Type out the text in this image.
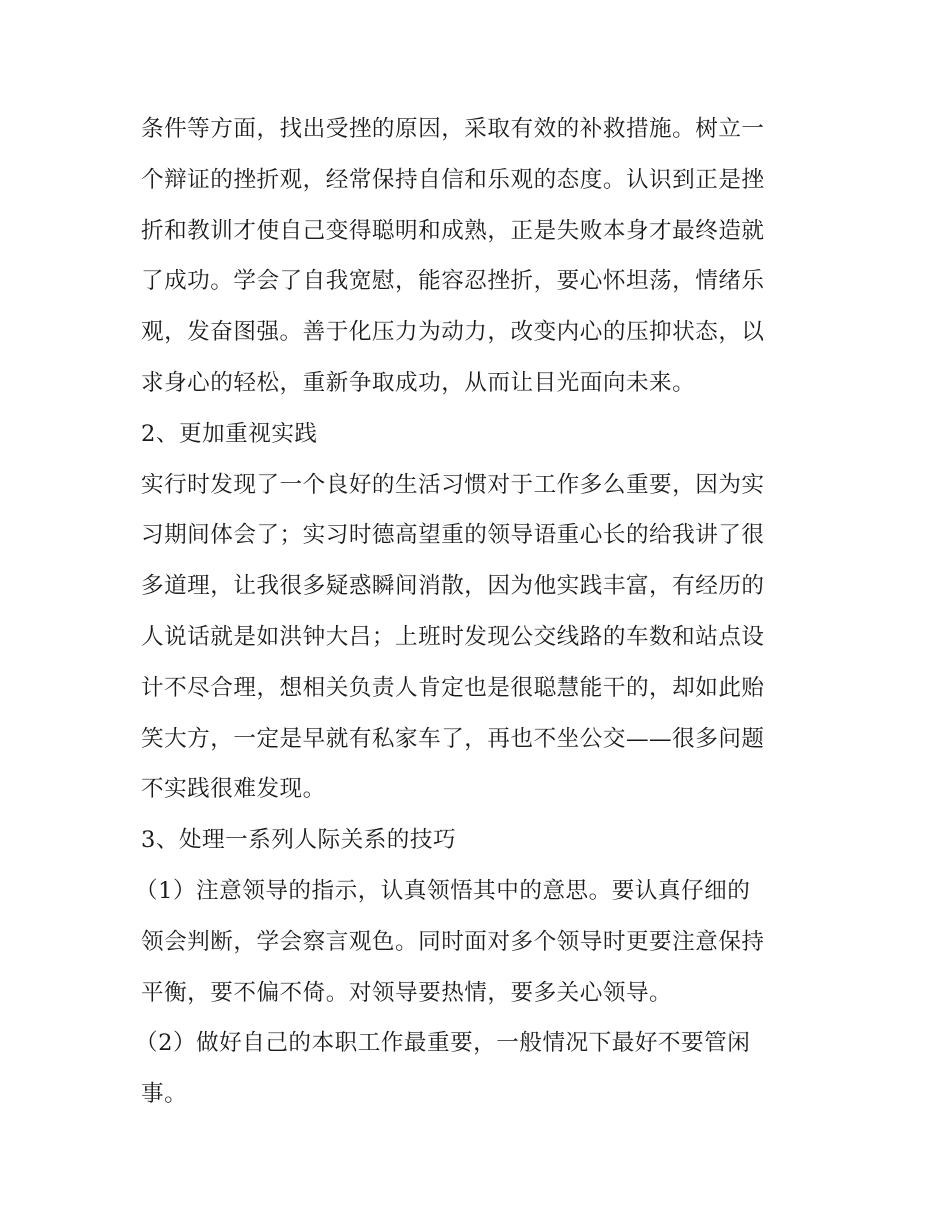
条件等方面，找出受挫的原因，采取有效的补救措施。树立一
个辩证的挫折观，经常保持自信和乐观的态度。认识到正是挫
折和教训才使自己变得聪明和成熟，正是失败本身才最终造就
了成功。学会了自我宽慰，能容忍挫折，要心怀坦荡，情绪乐
观，发奋图强。善于化压力为动力，改变内心的压抑状态，以
求身心的轻松，重新争取成功，从而让目光面向未来。
2、更加重视实践
实行时发现了一个良好的生活习惯对于工作多么重要，因为实
习期间体会了；实习时德高望重的领导语重心长的给我讲了很
多道理，让我很多疑惑瞬间消散，因为他实践丰富，有经历的
人说话就是如洪钟大吕；上班时发现公交线路的车数和站点设
计不尽合理，想相关负责人肯定也是很聪慧能干的，却如此贻
笑大方，一定是早就有私家车了，再也不坐公交——很多问题
不实践很难发现。
3、处理一系列人际关系的技巧
（1）注意领导的指示，认真领悟其中的意思。要认真仔细的
领会判断，学会察言观色。同时面对多个领导时更要注意保持
平衡，要不偏不倚。对领导要热情，要多关心领导。
（2）做好自己的本职工作最重要，一般情况下最好不要管闲
事。
